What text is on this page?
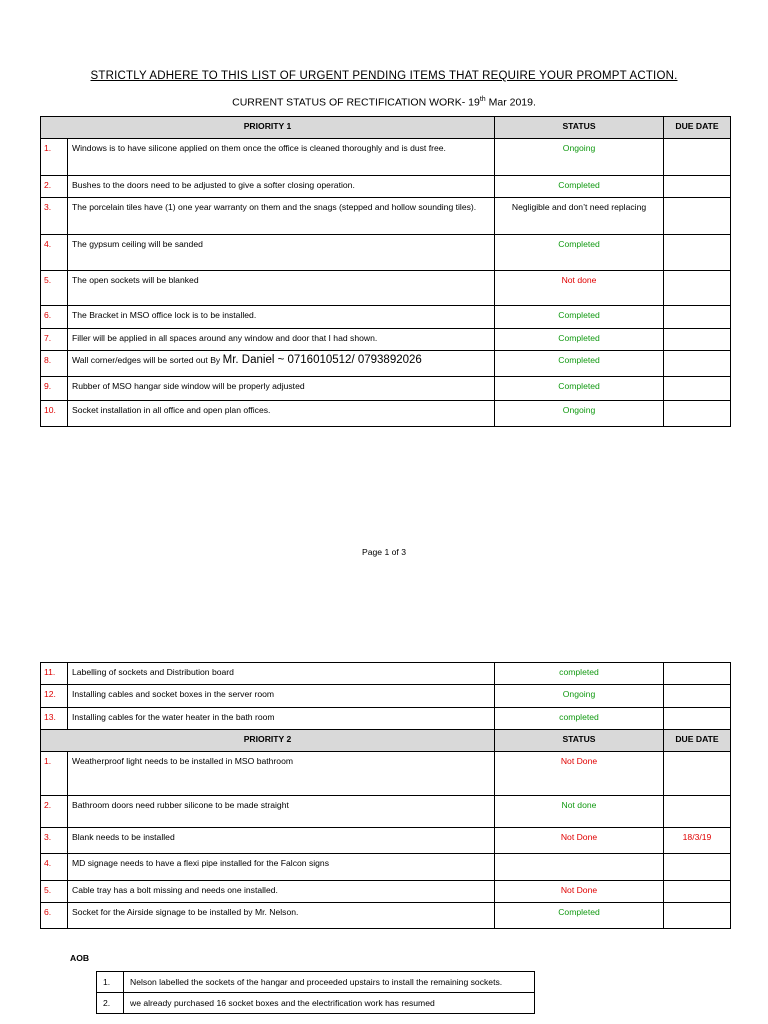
STRICTLY ADHERE TO THIS LIST OF URGENT PENDING ITEMS THAT REQUIRE YOUR PROMPT ACTION.
CURRENT STATUS OF RECTIFICATION WORK- 19th Mar 2019.
PRIORITY 1		STATUS	DUE DATE
1.	Windows is to have silicone applied on them once the office is cleaned thoroughly and is dust free.	Ongoing	
2.	Bushes to the doors need to be adjusted to give a softer closing operation.	Completed	
3.	The porcelain tiles have (1) one year warranty on them and the snags (stepped and hollow sounding tiles).	Negligible and don’t need replacing	
4.	The gypsum ceiling will be sanded	Completed	
5.	The open sockets will be blanked	Not done	
6.	The Bracket in MSO office lock is to be installed.	Completed	
7.	Filler will be applied in all spaces around any window and door that I had shown.	Completed	
8.	Wall corner/edges will be sorted out By Mr. Daniel ~ 0716010512/ 0793892026	Completed	
9.	Rubber of MSO hangar side window will be properly adjusted	Completed	
10.	Socket installation in all office and open plan offices.	Ongoing	
Page 1 of 3
11.	Labelling of sockets and Distribution board	completed	
12.	Installing cables and socket boxes in the server room	Ongoing	
13.	Installing cables for the water heater in the bath room	completed	
PRIORITY 2		STATUS	DUE DATE
1.	Weatherproof light needs to be installed in MSO bathroom	Not Done	
2.	Bathroom doors need rubber silicone to be made straight	Not done	
3.	Blank needs to be installed	Not Done	18/3/19
4.	MD signage needs to have a flexi pipe installed for the Falcon signs		
5.	Cable tray has a bolt missing and needs one installed.	Not Done	
6.	Socket for the Airside signage to be installed by Mr. Nelson.	Completed	
AOB
1.	Nelson labelled the sockets of the hangar and proceeded upstairs to install the remaining sockets.
2.	we already purchased 16 socket boxes and the electrification work has resumed
